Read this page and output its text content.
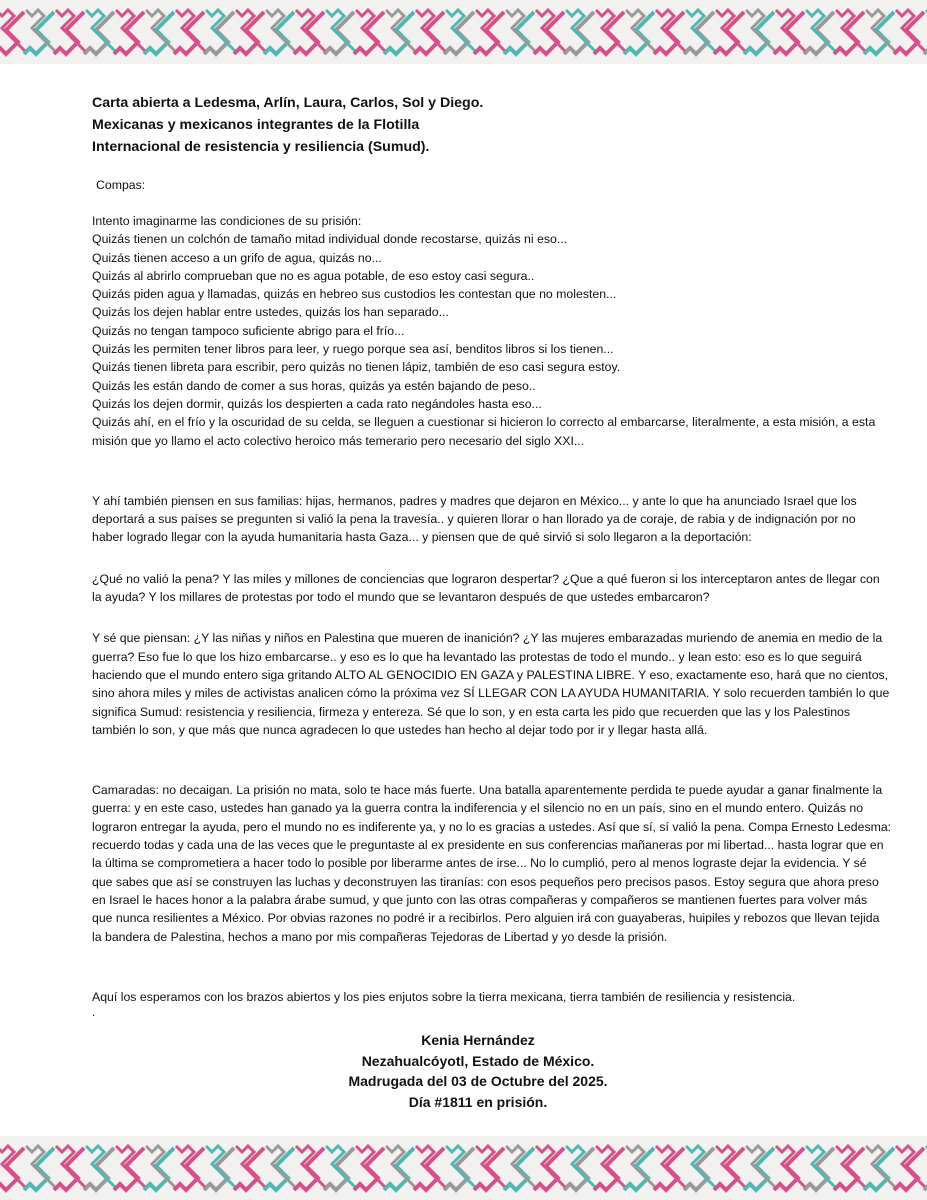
Carta abierta a Ledesma, Arlín, Laura, Carlos, Sol y Diego.
Mexicanas y mexicanos integrantes de la Flotilla
Internacional de resistencia y resiliencia (Sumud).
Compas:
Intento imaginarme las condiciones de su prisión:
Quizás tienen un colchón de tamaño mitad individual donde recostarse, quizás ni eso...
Quizás tienen acceso a un grifo de agua, quizás no...
Quizás al abrirlo comprueban que no es agua potable, de eso estoy casi segura..
Quizás piden agua y llamadas, quizás en hebreo sus custodios les contestan que no molesten...
Quizás los dejen hablar entre ustedes, quizás los han separado...
Quizás no tengan tampoco suficiente abrigo para el frío...
Quizás les permiten tener libros para leer, y ruego porque sea así, benditos libros si los tienen...
Quizás tienen libreta para escribir, pero quizás no tienen lápiz, también de eso casi segura estoy.
Quizás les están dando de comer a sus horas, quizás ya estén bajando de peso..
Quizás los dejen dormir, quizás los despierten a cada rato negándoles hasta eso...
Quizás ahí, en el frío y la oscuridad de su celda, se lleguen a cuestionar si hicieron lo correcto al embarcarse, literalmente, a esta misión, a esta
misión que yo llamo el acto colectivo heroico más temerario pero necesario del siglo XXI...
Y ahí también piensen en sus familias: hijas, hermanos, padres y madres que dejaron en México... y ante lo que ha anunciado Israel que los
deportará a sus países se pregunten si valió la pena la travesía.. y quieren llorar o han llorado ya de coraje, de rabia y de indignación por no
haber logrado llegar con la ayuda humanitaria hasta Gaza... y piensen que de qué sirvió si solo llegaron a la deportación:
¿Qué no valió la pena? Y las miles y millones de conciencias que lograron despertar? ¿Que a qué fueron si los interceptaron antes de llegar con
la ayuda? Y los millares de protestas por todo el mundo que se levantaron después de que ustedes embarcaron?
Y sé que piensan: ¿Y las niñas y niños en Palestina que mueren de inanición? ¿Y las mujeres embarazadas muriendo de anemia en medio de la
guerra? Eso fue lo que los hizo embarcarse.. y eso es lo que ha levantado las protestas de todo el mundo.. y lean esto: eso es lo que seguirá
haciendo que el mundo entero siga gritando ALTO AL GENOCIDIO EN GAZA y PALESTINA LIBRE. Y eso, exactamente eso, hará que no cientos,
sino ahora miles y miles de activistas analicen cómo la próxima vez SÍ LLEGAR CON LA AYUDA HUMANITARIA. Y solo recuerden también lo que
significa Sumud: resistencia y resiliencia, firmeza y entereza. Sé que lo son, y en esta carta les pido que recuerden que las y los Palestinos
también lo son, y que más que nunca agradecen lo que ustedes han hecho al dejar todo por ir y llegar hasta allá.
Camaradas: no decaigan. La prisión no mata, solo te hace más fuerte. Una batalla aparentemente perdida te puede ayudar a ganar finalmente la
guerra: y en este caso, ustedes han ganado ya la guerra contra la indiferencia y el silencio no en un país, sino en el mundo entero. Quizás no
lograron entregar la ayuda, pero el mundo no es indiferente ya, y no lo es gracias a ustedes. Así que sí, sí valió la pena. Compa Ernesto Ledesma:
recuerdo todas y cada una de las veces que le preguntaste al ex presidente en sus conferencias mañaneras por mi libertad... hasta lograr que en
la última se comprometiera a hacer todo lo posible por liberarme antes de irse... No lo cumplió, pero al menos lograste dejar la evidencia. Y sé
que sabes que así se construyen las luchas y deconstruyen las tiranías: con esos pequeños pero precisos pasos. Estoy segura que ahora preso
en Israel le haces honor a la palabra árabe sumud, y que junto con las otras compañeras y compañeros se mantienen fuertes para volver más
que nunca resilientes a México. Por obvias razones no podré ir a recibirlos. Pero alguien irá con guayaberas, huipiles y rebozos que llevan tejida
la bandera de Palestina, hechos a mano por mis compañeras Tejedoras de Libertad y yo desde la prisión.
Aquí los esperamos con los brazos abiertos y los pies enjutos sobre la tierra mexicana, tierra también de resiliencia y resistencia.
.
Kenia Hernández
Nezahualcóyotl, Estado de México.
Madrugada del 03 de Octubre del 2025.
Día #1811 en prisión.
